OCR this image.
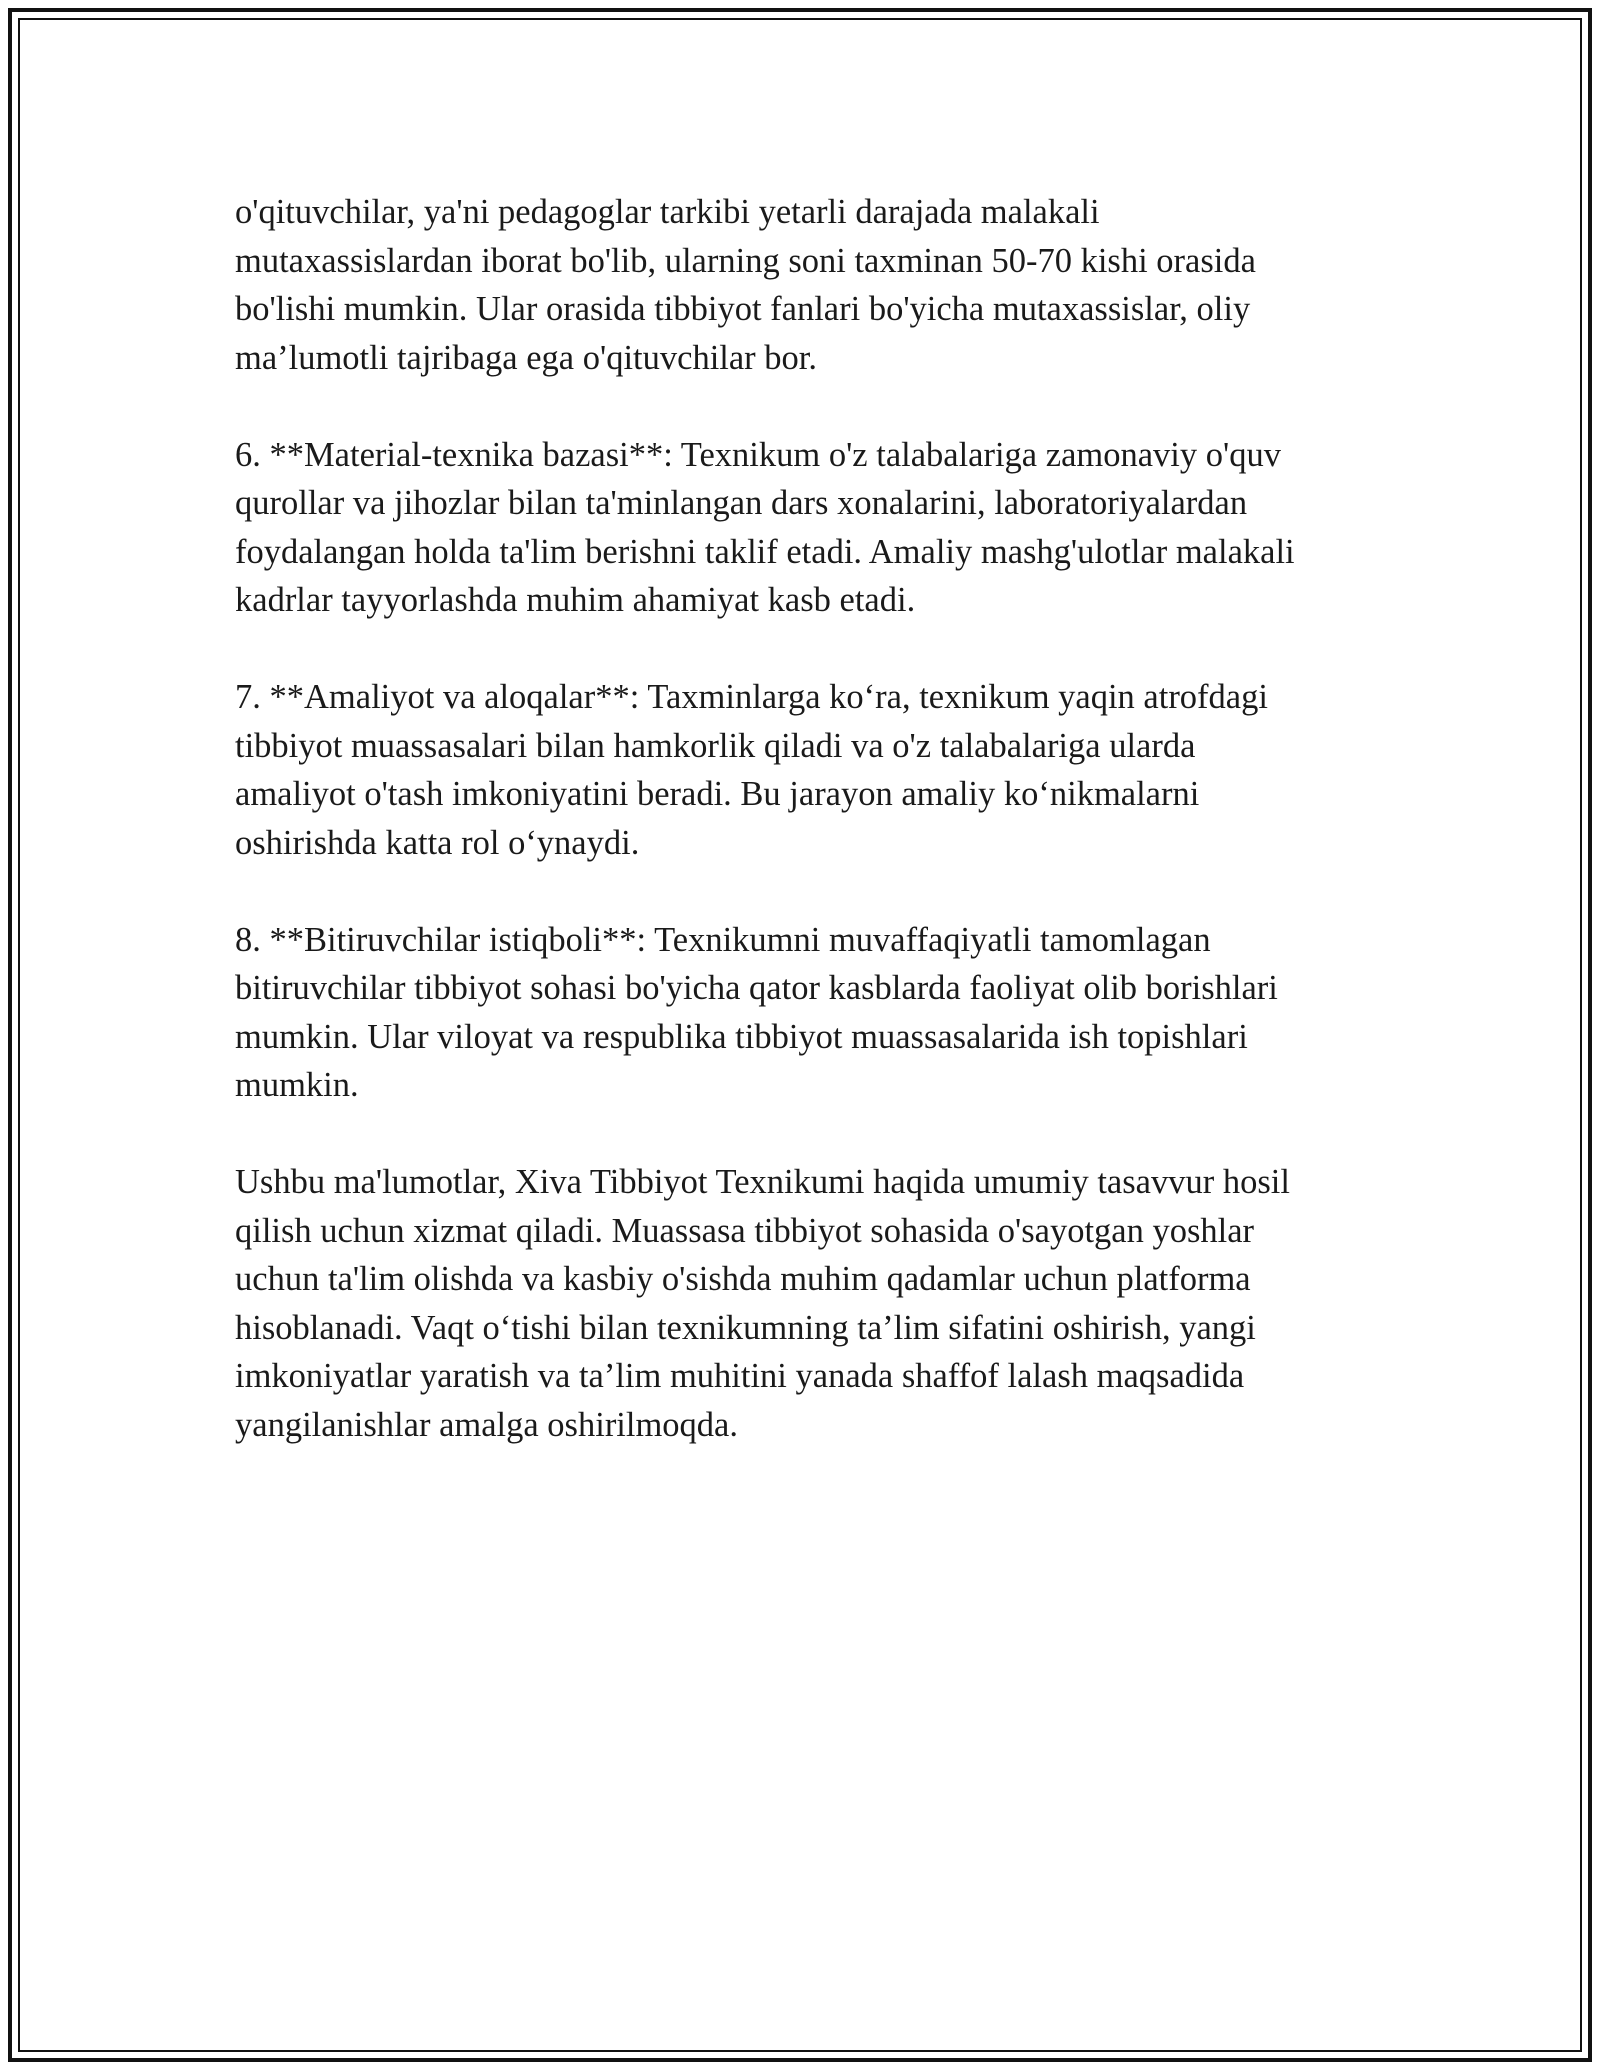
o'qituvchilar, ya'ni pedagoglar tarkibi yetarli darajada malakali
mutaxassislardan iborat bo'lib, ularning soni taxminan 50-70 kishi orasida
bo'lishi mumkin. Ular orasida tibbiyot fanlari bo'yicha mutaxassislar, oliy
ma’lumotli tajribaga ega o'qituvchilar bor.

6. **Material-texnika bazasi**: Texnikum o'z talabalariga zamonaviy o'quv
qurollar va jihozlar bilan ta'minlangan dars xonalarini, laboratoriyalardan
foydalangan holda ta'lim berishni taklif etadi. Amaliy mashg'ulotlar malakali
kadrlar tayyorlashda muhim ahamiyat kasb etadi.

7. **Amaliyot va aloqalar**: Taxminlarga koʻra, texnikum yaqin atrofdagi
tibbiyot muassasalari bilan hamkorlik qiladi va o'z talabalariga ularda
amaliyot o'tash imkoniyatini beradi. Bu jarayon amaliy koʻnikmalarni
oshirishda katta rol oʻynaydi.

8. **Bitiruvchilar istiqboli**: Texnikumni muvaffaqiyatli tamomlagan
bitiruvchilar tibbiyot sohasi bo'yicha qator kasblarda faoliyat olib borishlari
mumkin. Ular viloyat va respublika tibbiyot muassasalarida ish topishlari
mumkin.

Ushbu ma'lumotlar, Xiva Tibbiyot Texnikumi haqida umumiy tasavvur hosil
qilish uchun xizmat qiladi. Muassasa tibbiyot sohasida o'sayotgan yoshlar
uchun ta'lim olishda va kasbiy o'sishda muhim qadamlar uchun platforma
hisoblanadi. Vaqt oʻtishi bilan texnikumning ta’lim sifatini oshirish, yangi
imkoniyatlar yaratish va ta’lim muhitini yanada shaffof lalash maqsadida
yangilanishlar amalga oshirilmoqda.
